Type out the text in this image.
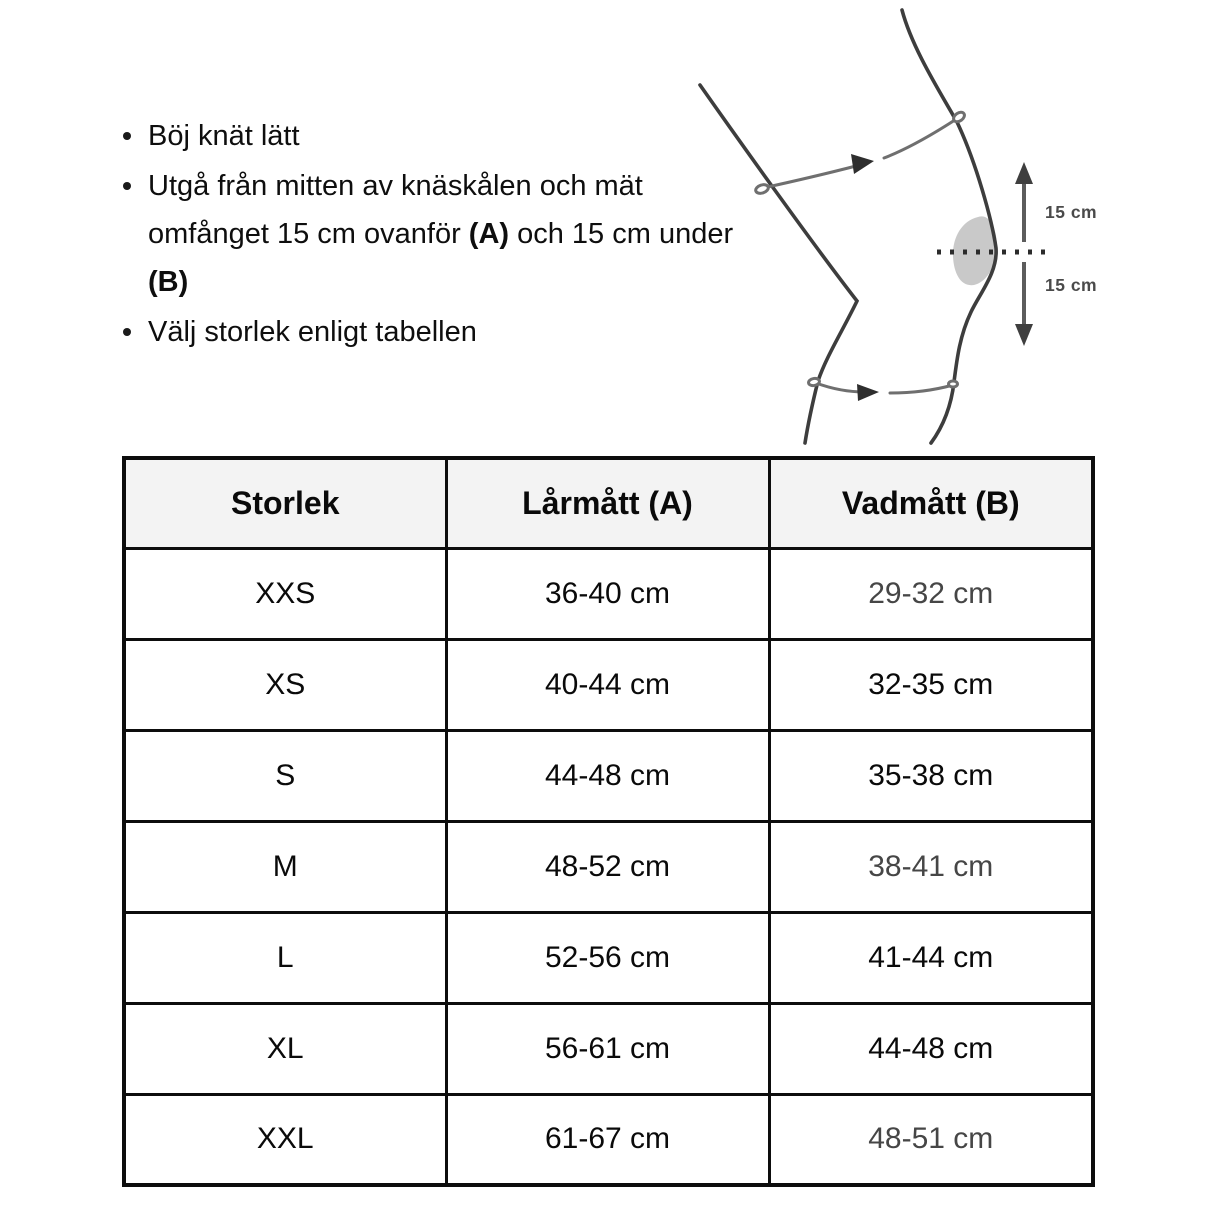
Böj knät lätt
Utgå från mitten av knäskålen och mät omfånget 15 cm ovanför (A) och 15 cm under (B)
Välj storlek enligt tabellen
15 cm
15 cm
Storlek	Lårmått (A)	Vadmått (B)
XXS	36-40 cm	29-32 cm
XS	40-44 cm	32-35 cm
S	44-48 cm	35-38 cm
M	48-52 cm	38-41 cm
L	52-56 cm	41-44 cm
XL	56-61 cm	44-48 cm
XXL	61-67 cm	48-51 cm
